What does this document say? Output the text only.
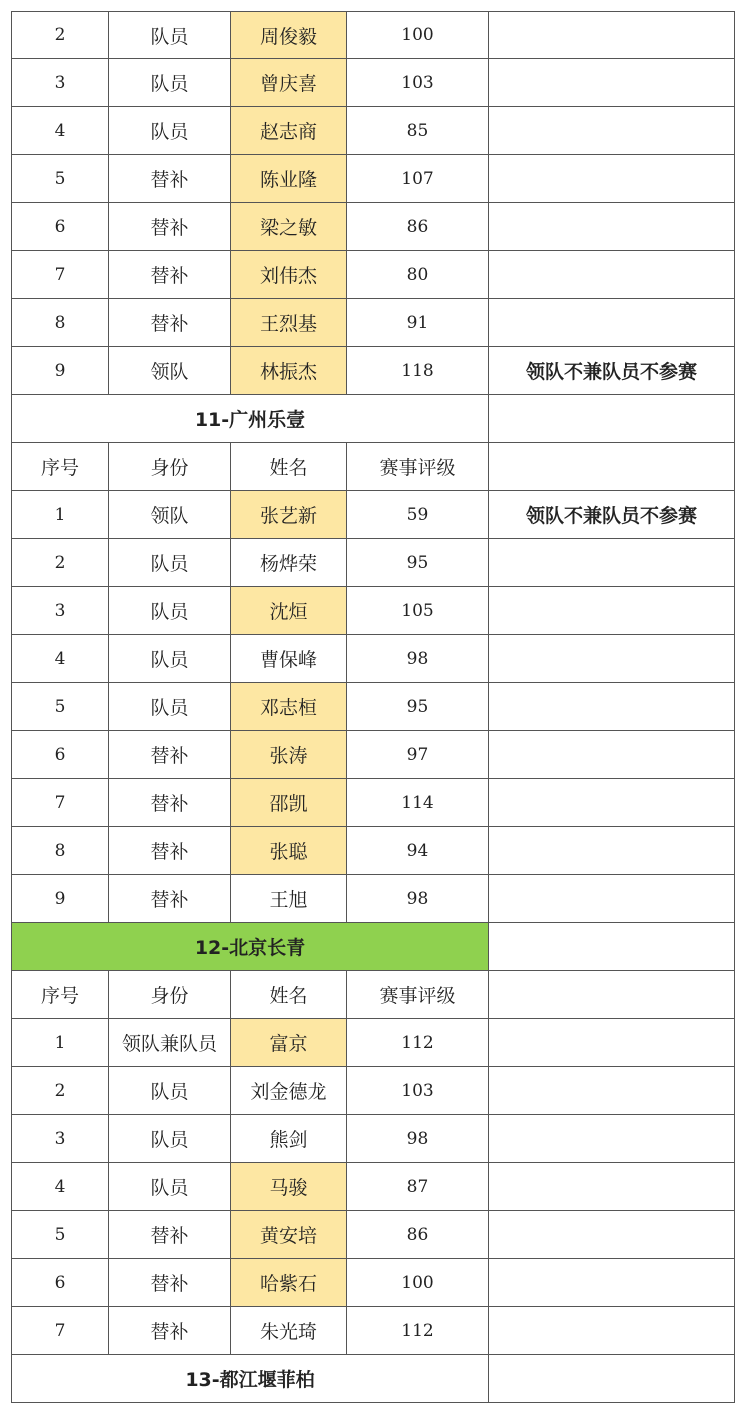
2	队员	周俊毅	100
3	队员	曾庆喜	103
4	队员	赵志商	85
5	替补	陈业隆	107
6	替补	梁之敏	86
7	替补	刘伟杰	80
8	替补	王烈基	91
9	领队	林振杰	118	领队不兼队员不参赛
11-广州乐壹
序号	身份	姓名	赛事评级
1	领队	张艺新	59	领队不兼队员不参赛
2	队员	杨烨荣	95
3	队员	沈烜	105
4	队员	曹保峰	98
5	队员	邓志桓	95
6	替补	张涛	97
7	替补	邵凯	114
8	替补	张聪	94
9	替补	王旭	98
12-北京长青
序号	身份	姓名	赛事评级
1	领队兼队员	富京	112
2	队员	刘金德龙	103
3	队员	熊剑	98
4	队员	马骏	87
5	替补	黄安培	86
6	替补	哈紫石	100
7	替补	朱光琦	112
13-都江堰菲柏
